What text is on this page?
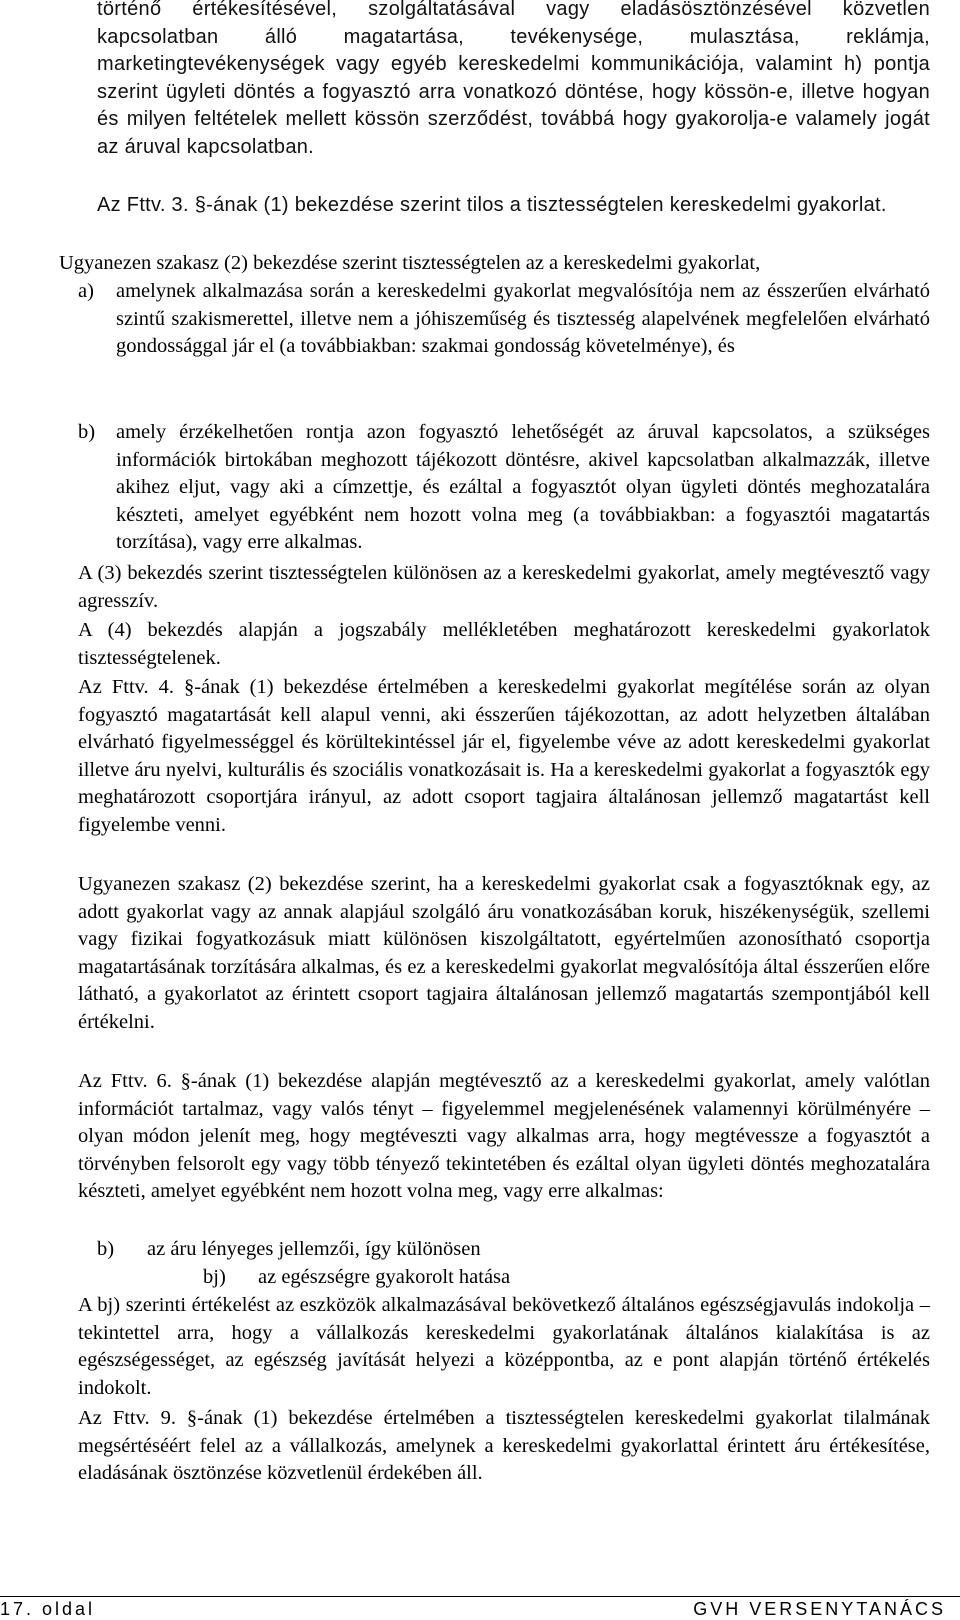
történő értékesítésével, szolgáltatásával vagy eladásösztönzésével közvetlen kapcsolatban álló magatartása, tevékenysége, mulasztása, reklámja, marketingtevékenységek vagy egyéb kereskedelmi kommunikációja, valamint h) pontja szerint ügyleti döntés a fogyasztó arra vonatkozó döntése, hogy kössön-e, illetve hogyan és milyen feltételek mellett kössön szerződést, továbbá hogy gyakorolja-e valamely jogát az áruval kapcsolatban.

Az Fttv. 3. §-ának (1) bekezdése szerint tilos a tisztességtelen kereskedelmi gyakorlat.

Ugyanezen szakasz (2) bekezdése szerint tisztességtelen az a kereskedelmi gyakorlat,

a) amelynek alkalmazása során a kereskedelmi gyakorlat megvalósítója nem az ésszerűen elvárható szintű szakismerettel, illetve nem a jóhiszeműség és tisztesség alapelvének megfelelően elvárható gondossággal jár el (a továbbiakban: szakmai gondosság követelménye), és

b) amely érzékelhetően rontja azon fogyasztó lehetőségét az áruval kapcsolatos, a szükséges információk birtokában meghozott tájékozott döntésre, akivel kapcsolatban alkalmazzák, illetve akihez eljut, vagy aki a címzettje, és ezáltal a fogyasztót olyan ügyleti döntés meghozatalára készteti, amelyet egyébként nem hozott volna meg (a továbbiakban: a fogyasztói magatartás torzítása), vagy erre alkalmas.

A (3) bekezdés szerint tisztességtelen különösen az a kereskedelmi gyakorlat, amely megtévesztő vagy agresszív.

A (4) bekezdés alapján a jogszabály mellékletében meghatározott kereskedelmi gyakorlatok tisztességtelenek.

Az Fttv. 4. §-ának (1) bekezdése értelmében a kereskedelmi gyakorlat megítélése során az olyan fogyasztó magatartását kell alapul venni, aki ésszerűen tájékozottan, az adott helyzetben általában elvárható figyelmességgel és körültekintéssel jár el, figyelembe véve az adott kereskedelmi gyakorlat illetve áru nyelvi, kulturális és szociális vonatkozásait is. Ha a kereskedelmi gyakorlat a fogyasztók egy meghatározott csoportjára irányul, az adott csoport tagjaira általánosan jellemző magatartást kell figyelembe venni.

Ugyanezen szakasz (2) bekezdése szerint, ha a kereskedelmi gyakorlat csak a fogyasztóknak egy, az adott gyakorlat vagy az annak alapjául szolgáló áru vonatkozásában koruk, hiszékenységük, szellemi vagy fizikai fogyatkozásuk miatt különösen kiszolgáltatott, egyértelműen azonosítható csoportja magatartásának torzítására alkalmas, és ez a kereskedelmi gyakorlat megvalósítója által ésszerűen előre látható, a gyakorlatot az érintett csoport tagjaira általánosan jellemző magatartás szempontjából kell értékelni.

Az Fttv. 6. §-ának (1) bekezdése alapján megtévesztő az a kereskedelmi gyakorlat, amely valótlan információt tartalmaz, vagy valós tényt – figyelemmel megjelenésének valamennyi körülményére – olyan módon jelenít meg, hogy megtéveszti vagy alkalmas arra, hogy megtévessze a fogyasztót a törvényben felsorolt egy vagy több tényező tekintetében és ezáltal olyan ügyleti döntés meghozatalára készteti, amelyet egyébként nem hozott volna meg, vagy erre alkalmas:

b) az áru lényeges jellemzői, így különösen
bj) az egészségre gyakorolt hatása

A bj) szerinti értékelést az eszközök alkalmazásával bekövetkező általános egészségjavulás indokolja – tekintettel arra, hogy a vállalkozás kereskedelmi gyakorlatának általános kialakítása is az egészségességet, az egészség javítását helyezi a középpontba, az e pont alapján történő értékelés indokolt.

Az Fttv. 9. §-ának (1) bekezdése értelmében a tisztességtelen kereskedelmi gyakorlat tilalmának megsértéséért felel az a vállalkozás, amelynek a kereskedelmi gyakorlattal érintett áru értékesítése, eladásának ösztönzése közvetlenül érdekében áll.

17. oldal	GVH VERSENYTANÁCS
